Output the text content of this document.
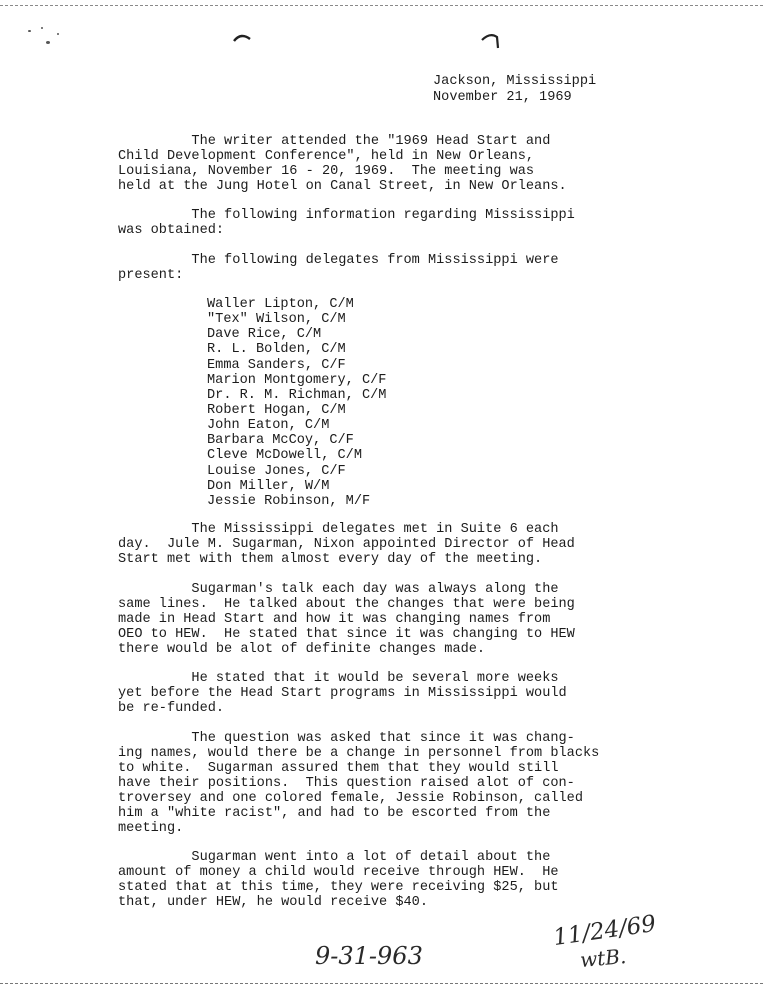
Jackson, Mississippi
November 21, 1969
The writer attended the "1969 Head Start and
Child Development Conference", held in New Orleans,
Louisiana, November 16 - 20, 1969.  The meeting was
held at the Jung Hotel on Canal Street, in New Orleans.
The following information regarding Mississippi
was obtained:
The following delegates from Mississippi were
present:
Waller Lipton, C/M
"Tex" Wilson, C/M
Dave Rice, C/M
R. L. Bolden, C/M
Emma Sanders, C/F
Marion Montgomery, C/F
Dr. R. M. Richman, C/M
Robert Hogan, C/M
John Eaton, C/M
Barbara McCoy, C/F
Cleve McDowell, C/M
Louise Jones, C/F
Don Miller, W/M
Jessie Robinson, M/F
The Mississippi delegates met in Suite 6 each
day.  Jule M. Sugarman, Nixon appointed Director of Head
Start met with them almost every day of the meeting.
Sugarman's talk each day was always along the
same lines.  He talked about the changes that were being
made in Head Start and how it was changing names from
OEO to HEW.  He stated that since it was changing to HEW
there would be alot of definite changes made.
He stated that it would be several more weeks
yet before the Head Start programs in Mississippi would
be re-funded.
The question was asked that since it was chang-
ing names, would there be a change in personnel from blacks
to white.  Sugarman assured them that they would still
have their positions.  This question raised alot of con-
troversey and one colored female, Jessie Robinson, called
him a "white racist", and had to be escorted from the
meeting.
Sugarman went into a lot of detail about the
amount of money a child would receive through HEW.  He
stated that at this time, they were receiving $25, but
that, under HEW, he would receive $40.
9-31-963
11/24/69
wtB.
